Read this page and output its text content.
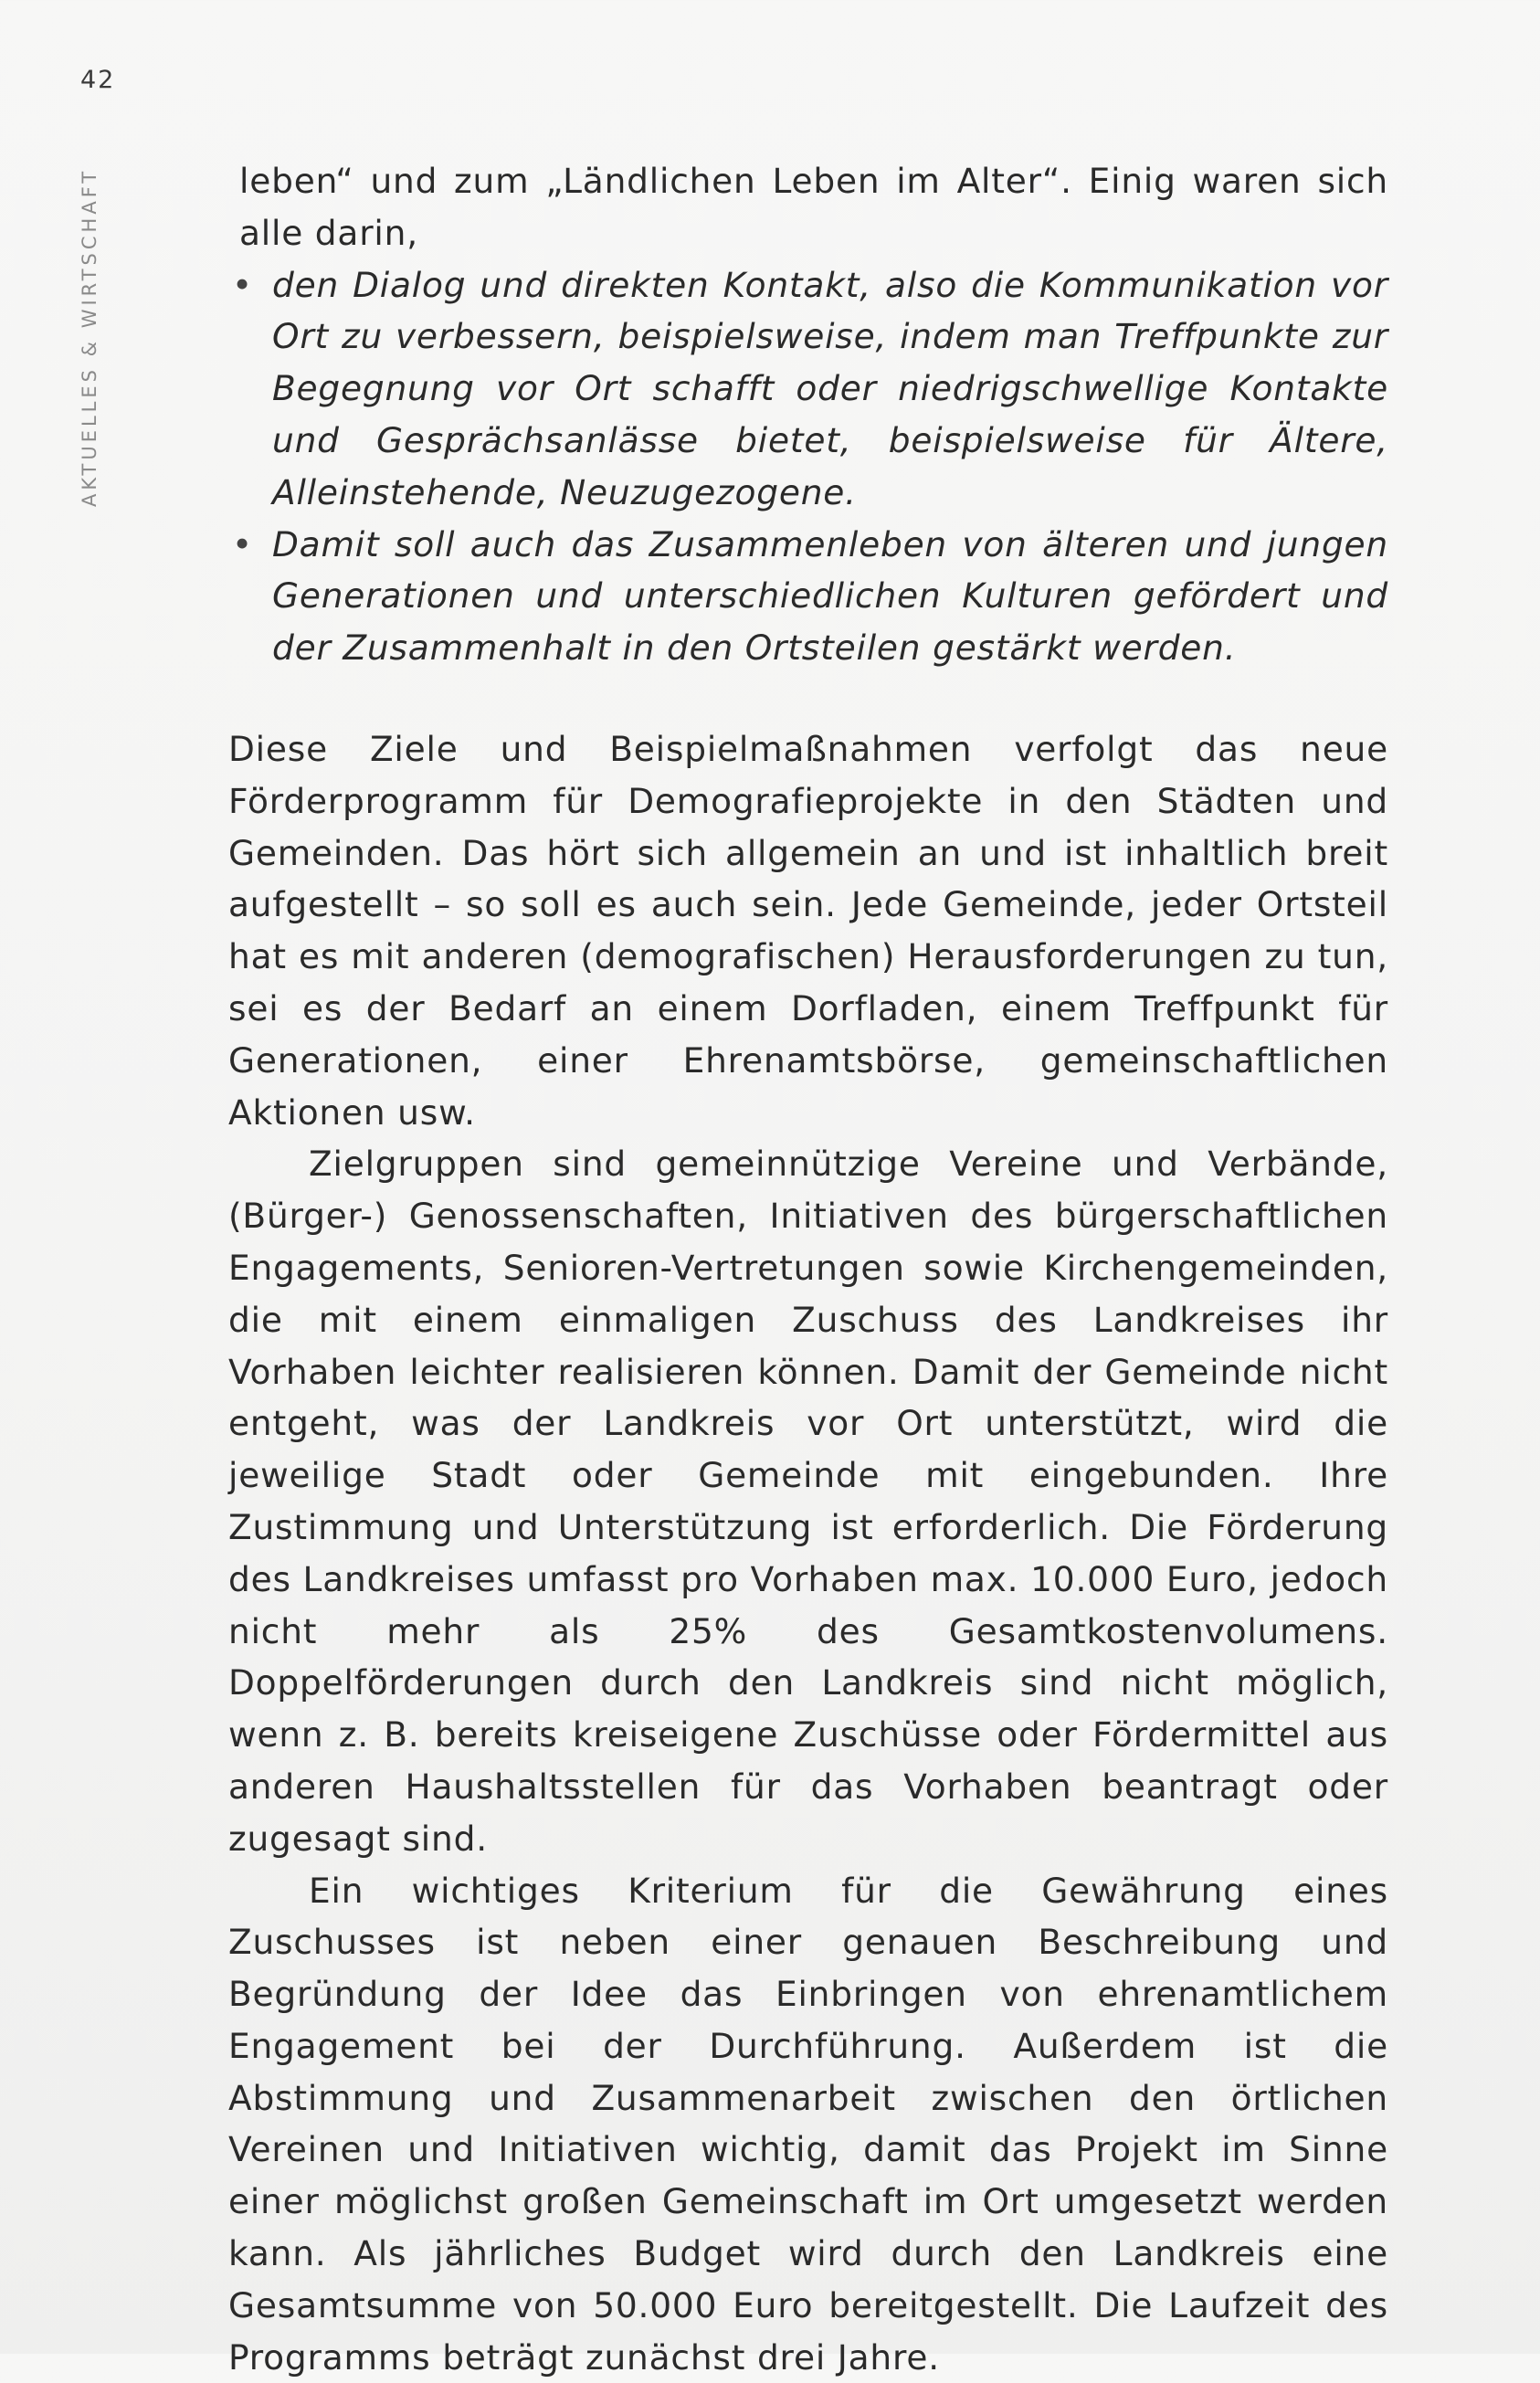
42
AKTUELLES & WIRTSCHAFT	leben“ und zum „Ländlichen Leben im Alter“. Einig waren sich alle darin,

• den Dialog und direkten Kontakt, also die Kommunikation vor Ort zu verbessern, beispielsweise, indem man Treffpunkte zur Begegnung vor Ort schafft oder niedrigschwellige Kontakte und Gesprächsanlässe bietet, beispielsweise für Ältere, Alleinstehende, Neuzugezogene.
• Damit soll auch das Zusammenleben von älteren und jungen Generationen und unterschiedlichen Kulturen gefördert und der Zusammenhalt in den Ortsteilen gestärkt werden.

Diese Ziele und Beispielmaßnahmen verfolgt das neue Förderprogramm für Demografieprojekte in den Städten und Gemeinden. Das hört sich allgemein an und ist inhaltlich breit aufgestellt – so soll es auch sein. Jede Gemeinde, jeder Ortsteil hat es mit anderen (demografischen) Herausforderungen zu tun, sei es der Bedarf an einem Dorfladen, einem Treffpunkt für Generationen, einer Ehrenamtsbörse, gemeinschaftlichen Aktionen usw.

Zielgruppen sind gemeinnützige Vereine und Verbände, (Bürger-) Genossenschaften, Initiativen des bürgerschaftlichen Engagements, Senioren-Vertretungen sowie Kirchengemeinden, die mit einem einmaligen Zuschuss des Landkreises ihr Vorhaben leichter realisieren können. Damit der Gemeinde nicht entgeht, was der Landkreis vor Ort unterstützt, wird die jeweilige Stadt oder Gemeinde mit eingebunden. Ihre Zustimmung und Unterstützung ist erforderlich. Die Förderung des Landkreises umfasst pro Vorhaben max. 10.000 Euro, jedoch nicht mehr als 25% des Gesamtkostenvolumens. Doppelförderungen durch den Landkreis sind nicht möglich, wenn z. B. bereits kreiseigene Zuschüsse oder Fördermittel aus anderen Haushaltsstellen für das Vorhaben beantragt oder zugesagt sind.

Ein wichtiges Kriterium für die Gewährung eines Zuschusses ist neben einer genauen Beschreibung und Begründung der Idee das Einbringen von ehrenamtlichem Engagement bei der Durchführung. Außerdem ist die Abstimmung und Zusammenarbeit zwischen den örtlichen Vereinen und Initiativen wichtig, damit das Projekt im Sinne einer möglichst großen Gemeinschaft im Ort umgesetzt werden kann. Als jährliches Budget wird durch den Landkreis eine Gesamtsumme von 50.000 Euro bereitgestellt. Die Laufzeit des Programms beträgt zunächst drei Jahre.
